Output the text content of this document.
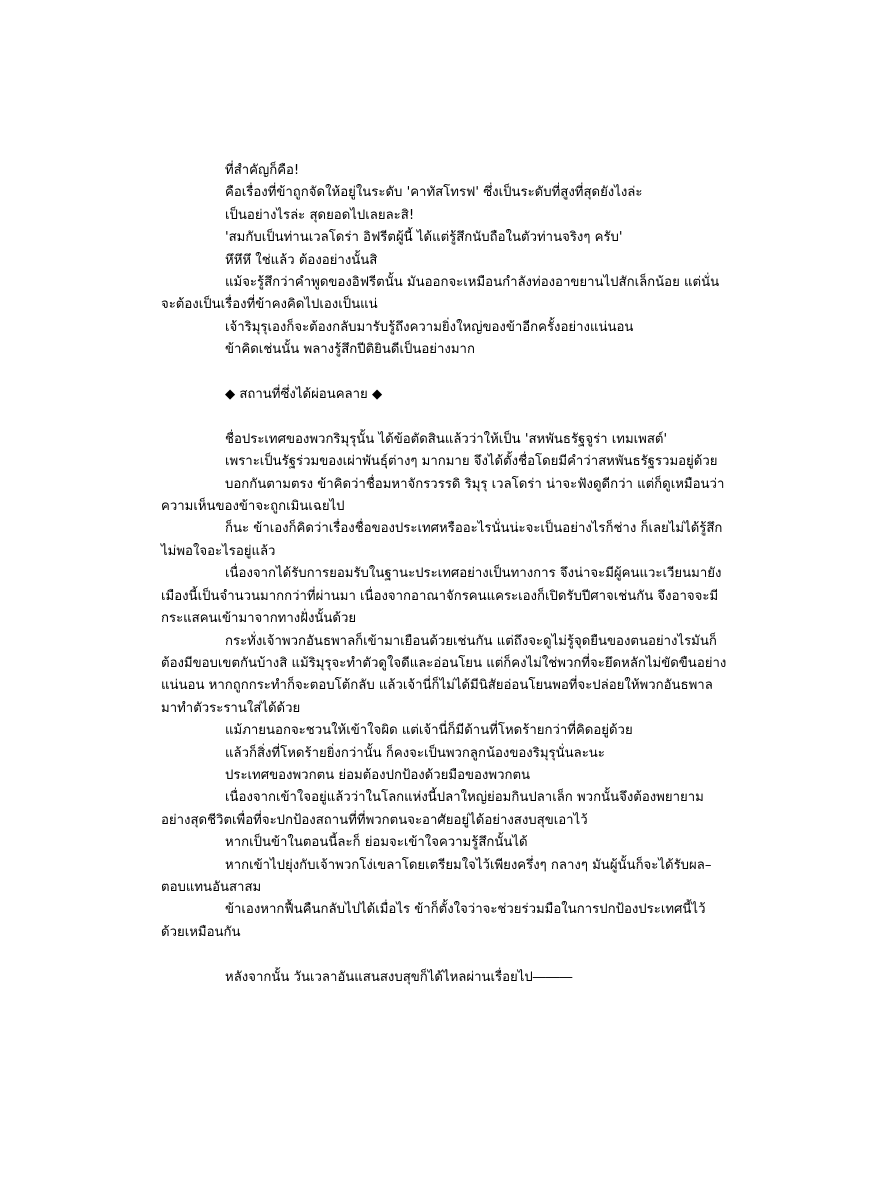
ที่สำคัญก็คือ!

คือเรื่องที่ข้าถูกจัดให้อยู่ในระดับ 'คาทัสโทรฟ' ซึ่งเป็นระดับที่สูงที่สุดยังไงล่ะ

เป็นอย่างไรล่ะ สุดยอดไปเลยละสิ!

'สมกับเป็นท่านเวลโดร่า อิฟรีตผู้นี้ ได้แต่รู้สึกนับถือในตัวท่านจริงๆ ครับ'

หึหึหึ ใช่แล้ว ต้องอย่างนั้นสิ

แม้จะรู้สึกว่าคำพูดของอิฟรีตนั้น มันออกจะเหมือนกำลังท่องอาขยานไปสักเล็กน้อย แต่นั่นจะต้องเป็นเรื่องที่ข้าคงคิดไปเองเป็นแน่

เจ้าริมุรุเองก็จะต้องกลับมารับรู้ถึงความยิ่งใหญ่ของข้าอีกครั้งอย่างแน่นอน

ข้าคิดเช่นนั้น พลางรู้สึกปีติยินดีเป็นอย่างมาก

◆ สถานที่ซึ่งได้ผ่อนคลาย ◆

ชื่อประเทศของพวกริมุรุนั้น ได้ข้อตัดสินแล้วว่าให้เป็น 'สหพันธรัฐจูร่า เทมเพสต์'

เพราะเป็นรัฐร่วมของเผ่าพันธุ์ต่างๆ มากมาย จึงได้ตั้งชื่อโดยมีคำว่าสหพันธรัฐรวมอยู่ด้วย

บอกกันตามตรง ข้าคิดว่าชื่อมหาจักรวรรดิ ริมุรุ เวลโดร่า น่าจะฟังดูดีกว่า แต่ก็ดูเหมือนว่าความเห็นของข้าจะถูกเมินเฉยไป

ก็นะ ข้าเองก็คิดว่าเรื่องชื่อของประเทศหรืออะไรนั่นน่ะจะเป็นอย่างไรก็ช่าง ก็เลยไม่ได้รู้สึกไม่พอใจอะไรอยู่แล้ว

เนื่องจากได้รับการยอมรับในฐานะประเทศอย่างเป็นทางการ จึงน่าจะมีผู้คนแวะเวียนมายังเมืองนี้เป็นจำนวนมากกว่าที่ผ่านมา เนื่องจากอาณาจักรคนแคระเองก็เปิดรับปีศาจเช่นกัน จึงอาจจะมีกระแสคนเข้ามาจากทางฝั่งนั้นด้วย

กระทั่งเจ้าพวกอันธพาลก็เข้ามาเยือนด้วยเช่นกัน แต่ถึงจะดูไม่รู้จุดยืนของตนอย่างไรมันก็ต้องมีขอบเขตกันบ้างสิ แม้ริมุรุจะทำตัวดูใจดีและอ่อนโยน แต่ก็คงไม่ใช่พวกที่จะยึดหลักไม่ขัดขืนอย่างแน่นอน หากถูกกระทำก็จะตอบโต้กลับ แล้วเจ้านี่ก็ไม่ได้มีนิสัยอ่อนโยนพอที่จะปล่อยให้พวกอันธพาลมาทำตัวระรานใส่ได้ด้วย

แม้ภายนอกจะชวนให้เข้าใจผิด แต่เจ้านี่ก็มีด้านที่โหดร้ายกว่าที่คิดอยู่ด้วย

แล้วก็สิ่งที่โหดร้ายยิ่งกว่านั้น ก็คงจะเป็นพวกลูกน้องของริมุรุนั่นละนะ

ประเทศของพวกตน ย่อมต้องปกป้องด้วยมือของพวกตน

เนื่องจากเข้าใจอยู่แล้วว่าในโลกแห่งนี้ปลาใหญ่ย่อมกินปลาเล็ก พวกนั้นจึงต้องพยายามอย่างสุดชีวิตเพื่อที่จะปกป้องสถานที่ที่พวกตนจะอาศัยอยู่ได้อย่างสงบสุขเอาไว้

หากเป็นข้าในตอนนี้ละก็ ย่อมจะเข้าใจความรู้สึกนั้นได้

หากเข้าไปยุ่งกับเจ้าพวกโง่เขลาโดยเตรียมใจไว้เพียงครึ่งๆ กลางๆ มันผู้นั้นก็จะได้รับผล–ตอบแทนอันสาสม

ข้าเองหากฟื้นคืนกลับไปได้เมื่อไร ข้าก็ตั้งใจว่าจะช่วยร่วมมือในการปกป้องประเทศนี้ไว้ด้วยเหมือนกัน

หลังจากนั้น วันเวลาอันแสนสงบสุขก็ได้ไหลผ่านเรื่อยไป―――
